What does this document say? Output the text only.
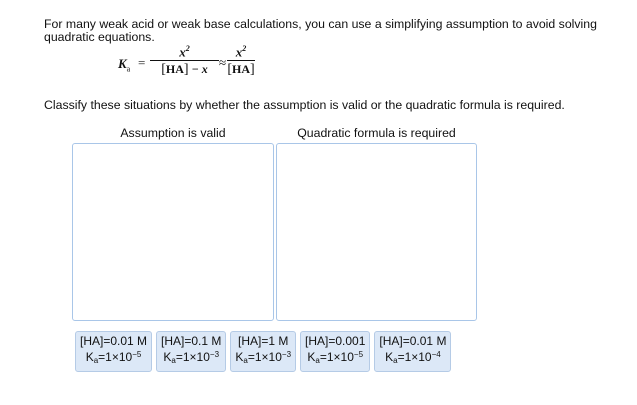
For many weak acid or weak base calculations, you can use a simplifying assumption to avoid solving quadratic equations.
$K_a$ =
$x^2$
[HA] − x ≈
$x^2$
[HA]
Classify these situations by whether the assumption is valid or the quadratic formula is required.
Assumption is valid	Quadratic formula is required
[HA]=0.01 M
$K_a=1\times 10^{-5}$
[HA]=0.1 M
$K_a=1\times 10^{-3}$
[HA]=1 M
$K_a=1\times 10^{-3}$
[HA]=0.001
$K_a=1\times 10^{-5}$
[HA]=0.01 M
$K_a=1\times 10^{-4}$
